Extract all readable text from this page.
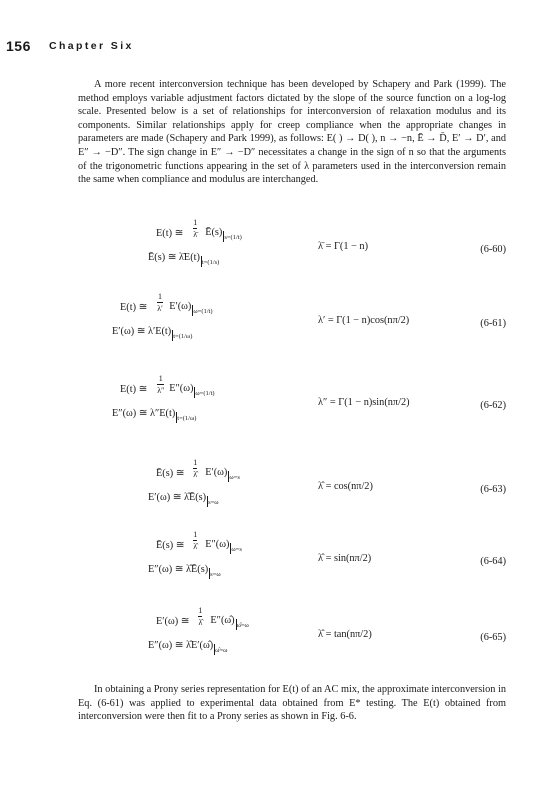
156 Chapter Six

A more recent interconversion technique has been developed by Schapery and Park (1999). The method employs variable adjustment factors dictated by the slope of the source function on a log-log scale. Presented below is a set of relationships for interconversion of relaxation modulus and its components. Similar relationships apply for creep compliance when the appropriate changes in parameters are made (Schapery and Park 1999), as follows: E( ) → D( ), n → −n, Ē → D̄, E′ → D′, and E″ → −D″. The sign change in E″ → −D″ necessitates a change in the sign of n so that the arguments of the trigonometric functions appearing in the set of λ parameters used in the interconversion remain the same when compliance and modulus are interchanged.

E(t) ≅
1
λ̄ Ē(s) $_{s=(1/t)}$
Ē(s) ≅ λ̄E(t) $_{t=(1/s)}$
λ̄ = Γ(1 − n)	(6-60)
E(t) ≅
1
λ′ E′(ω) $_{\omega=(1/t)}$
E′(ω) ≅ λ′E(t) $_{t=(1/\omega)}$
λ′ = Γ(1 − n)cos(nπ/2)	(6-61)
E(t) ≅
1
λ″ E″(ω) $_{\omega=(1/t)}$
E″(ω) ≅ λ″E(t) $_{t=(1/\omega)}$
λ″ = Γ(1 − n)sin(nπ/2)	(6-62)
Ē(s) ≅
1
λ̂ E′(ω) $_{\omega=s}$
E′(ω) ≅ λ̂Ē(s) $_{s=\omega}$
λ̂ = cos(nπ/2)	(6-63)
Ē(s) ≅
1
λ̂ E″(ω) $_{\omega=s}$
E″(ω) ≅ λ̂Ē(s) $_{s=\omega}$
λ̂ = sin(nπ/2)	(6-64)
E′(ω) ≅
1
λ̂ E″(ω̂) $_{\omegâ=\omega}$
E″(ω) ≅ λ̂E′(ω̂) $_{\omegâ=\omega}$
λ̂ = tan(nπ/2)	(6-65)

In obtaining a Prony series representation for E(t) of an AC mix, the approximate interconversion in Eq. (6-61) was applied to experimental data obtained from E* testing. The E(t) obtained from interconversion were then fit to a Prony series as shown in Fig. 6-6.
